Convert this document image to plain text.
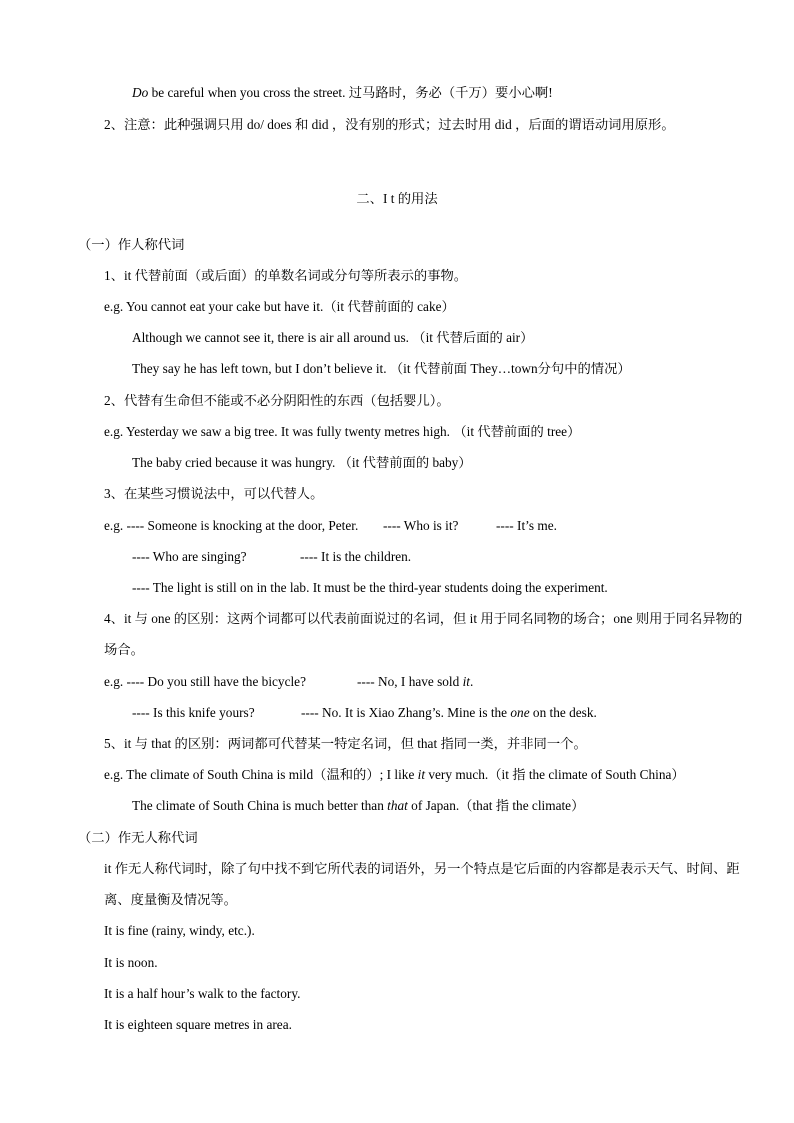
Do be careful when you cross the street. 过马路时，务必（千万）要小心啊!
2、注意：此种强调只用 do/ does 和 did ，没有别的形式；过去时用 did ，后面的谓语动词用原形。
二、I t 的用法
（一）作人称代词
1、it 代替前面（或后面）的单数名词或分句等所表示的事物。
e.g. You cannot eat your cake but have it.（it 代替前面的 cake）
Although we cannot see it, there is air all around us. （it 代替后面的 air）
They say he has left town, but I don’t believe it. （it 代替前面 They…town分句中的情况）
2、代替有生命但不能或不必分阴阳性的东西（包括婴儿）。
e.g. Yesterday we saw a big tree. It was fully twenty metres high. （it 代替前面的 tree）
The baby cried because it was hungry. （it 代替前面的 baby）
3、在某些习惯说法中，可以代替人。
e.g. ---- Someone is knocking at the door, Peter. ---- Who is it?	---- It’s me.
---- Who are singing?	---- It is the children.
---- The light is still on in the lab. It must be the third-year students doing the experiment.
4、it 与 one 的区别：这两个词都可以代表前面说过的名词，但 it 用于同名同物的场合；one 则用于同名异物的场合。
e.g. ---- Do you still have the bicycle?	---- No, I have sold it.
---- Is this knife yours?	---- No. It is Xiao Zhang’s. Mine is the one on the desk.
5、it 与 that 的区别：两词都可代替某一特定名词，但 that 指同一类，并非同一个。
e.g. The climate of South China is mild（温和的）; I like it very much.（it 指 the climate of South China）
The climate of South China is much better than that of Japan.（that 指 the climate）
（二）作无人称代词
it 作无人称代词时，除了句中找不到它所代表的词语外，另一个特点是它后面的内容都是表示天气、时间、距离、度量衡及情况等。
It is fine (rainy, windy, etc.).
It is noon.
It is a half hour’s walk to the factory.
It is eighteen square metres in area.
